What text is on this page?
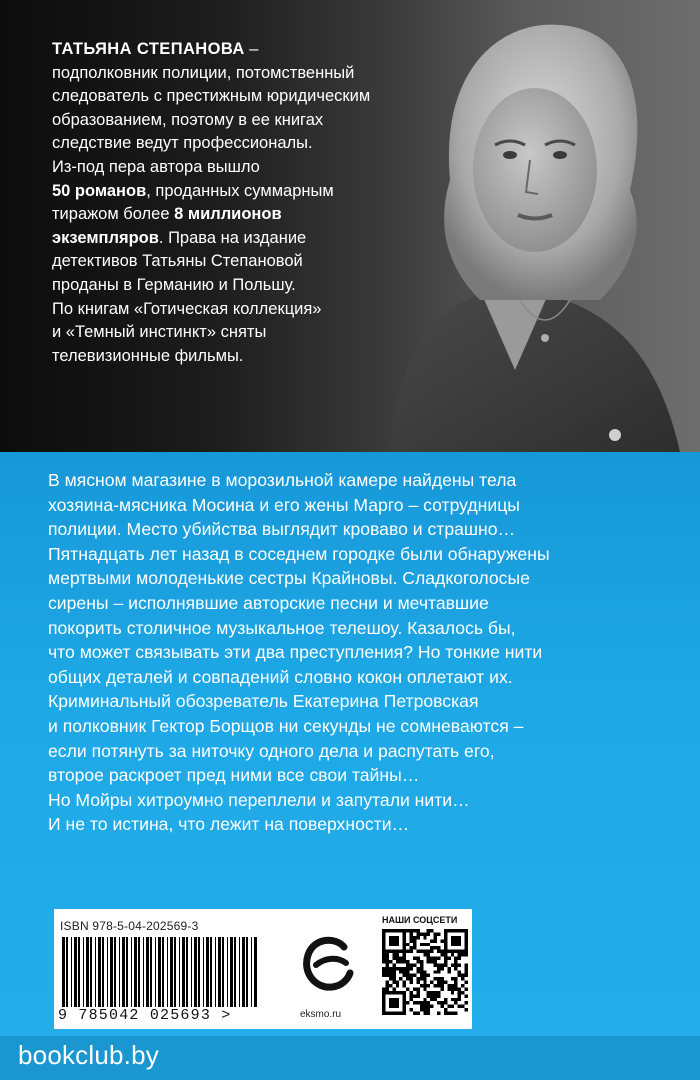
ТАТЬЯНА СТЕПАНОВА –
подполковник полиции, потомственный
следователь с престижным юридическим
образованием, поэтому в ее книгах
следствие ведут профессионалы.
Из-под пера автора вышло
50 романов, проданных суммарным
тиражом более 8 миллионов
экземпляров. Права на издание
детективов Татьяны Степановой
проданы в Германию и Польшу.
По книгам «Готическая коллекция»
и «Темный инстинкт» сняты
телевизионные фильмы.

В мясном магазине в морозильной камере найдены тела

хозяина-мясника Мосина и его жены Марго – сотрудницы

полиции. Место убийства выглядит кроваво и страшно…

Пятнадцать лет назад в соседнем городке были обнаружены

мертвыми молоденькие сестры Крайновы. Сладкоголосые

сирены – исполнявшие авторские песни и мечтавшие

покорить столичное музыкальное телешоу. Казалось бы,

что может связывать эти два преступления? Но тонкие нити

общих деталей и совпадений словно кокон оплетают их.

Криминальный обозреватель Екатерина Петровская

и полковник Гектор Борщов ни секунды не сомневаются –

если потянуть за ниточку одного дела и распутать его,

второе раскроет пред ними все свои тайны…

Но Мойры хитроумно переплели и запутали нити…

И не то истина, что лежит на поверхности…

ISBN 978-5-04-202569-3
9 785042 025693 >	eksmo.ru
НАШИ СОЦСЕТИ
bookclub.by
